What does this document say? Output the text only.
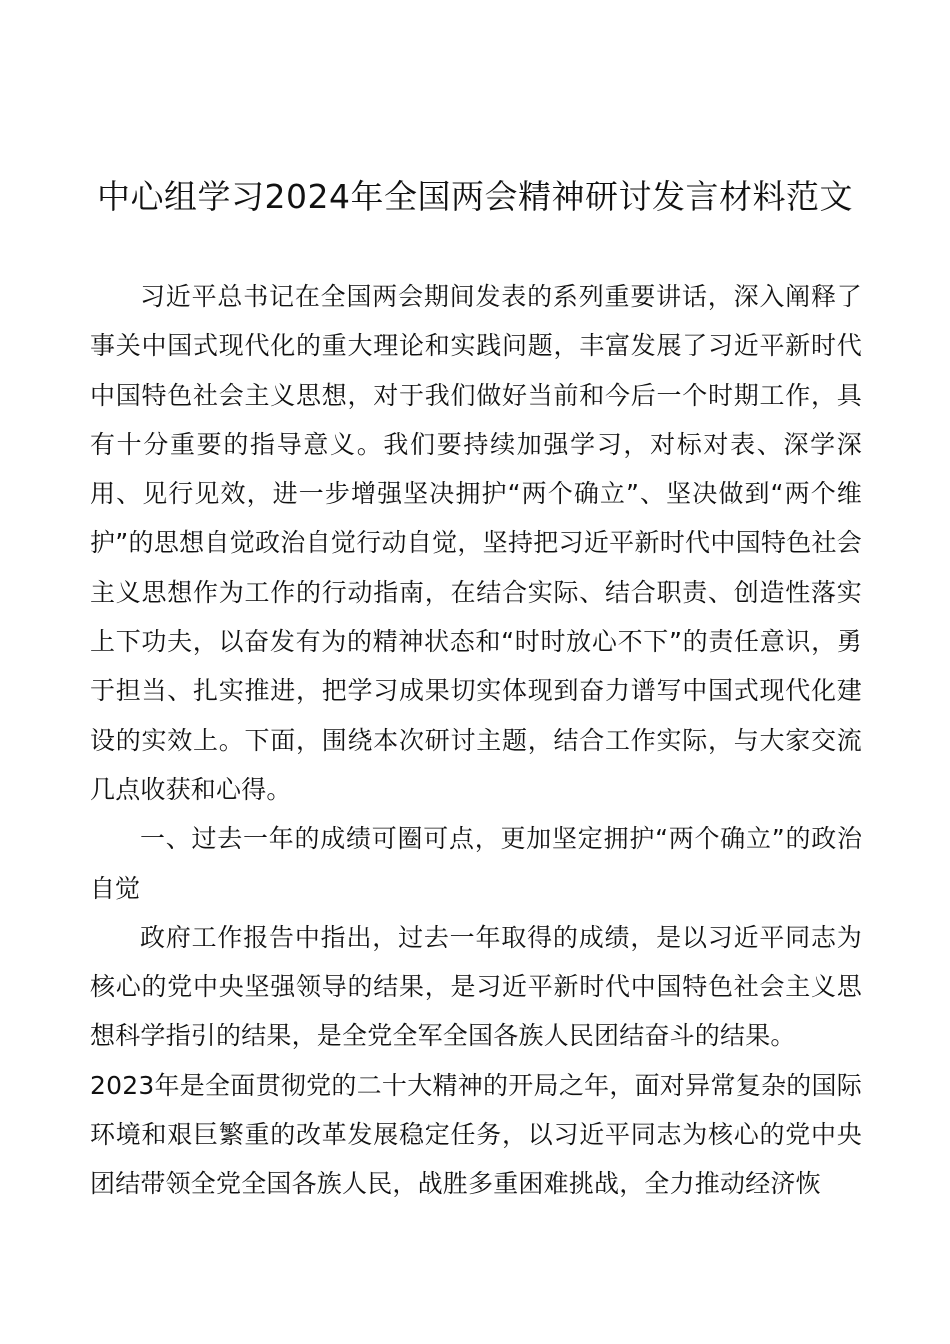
中心组学习2024年全国两会精神研讨发言材料范文

习近平总书记在全国两会期间发表的系列重要讲话，深入阐释了事关中国式现代化的重大理论和实践问题，丰富发展了习近平新时代中国特色社会主义思想，对于我们做好当前和今后一个时期工作，具有十分重要的指导意义。我们要持续加强学习，对标对表、深学深用、见行见效，进一步增强坚决拥护“两个确立”、坚决做到“两个维护”的思想自觉政治自觉行动自觉，坚持把习近平新时代中国特色社会主义思想作为工作的行动指南，在结合实际、结合职责、创造性落实上下功夫，以奋发有为的精神状态和“时时放心不下”的责任意识，勇于担当、扎实推进，把学习成果切实体现到奋力谱写中国式现代化建设的实效上。下面，围绕本次研讨主题，结合工作实际，与大家交流几点收获和心得。

一、过去一年的成绩可圈可点，更加坚定拥护“两个确立”的政治自觉

政府工作报告中指出，过去一年取得的成绩，是以习近平同志为核心的党中央坚强领导的结果，是习近平新时代中国特色社会主义思想科学指引的结果，是全党全军全国各族人民团结奋斗的结果。

2023年是全面贯彻党的二十大精神的开局之年，面对异常复杂的国际环境和艰巨繁重的改革发展稳定任务，以习近平同志为核心的党中央团结带领全党全国各族人民，战胜多重困难挑战，全力推动经济恢
